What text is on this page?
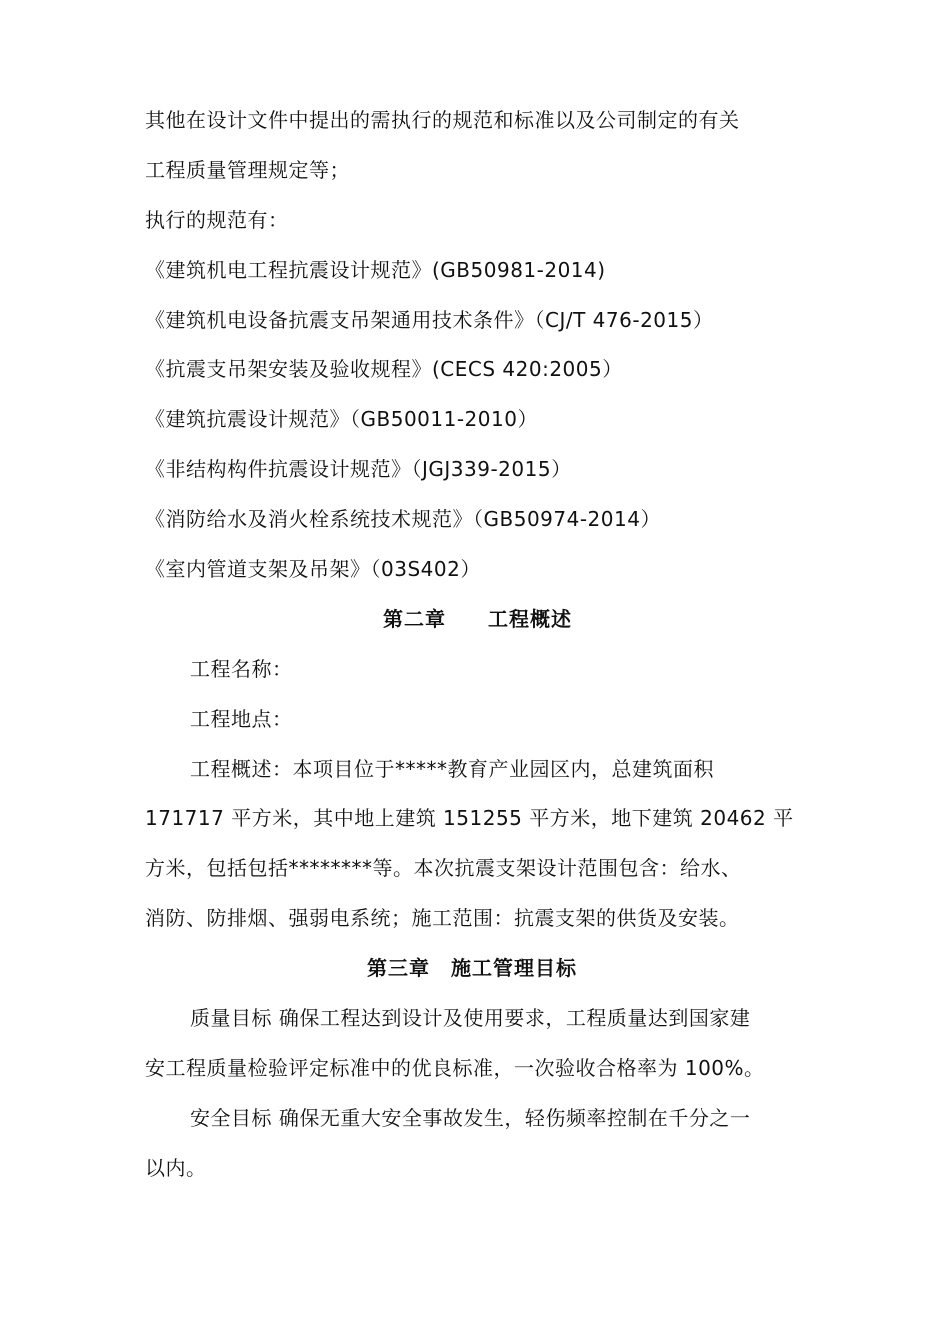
其他在设计文件中提出的需执行的规范和标准以及公司制定的有关
工程质量管理规定等；
执行的规范有：
《建筑机电工程抗震设计规范》(GB50981-2014)
《建筑机电设备抗震支吊架通用技术条件》（CJ/T 476-2015）
《抗震支吊架安装及验收规程》(CECS 420:2005）
《建筑抗震设计规范》（GB50011-2010）
《非结构构件抗震设计规范》（JGJ339-2015）
《消防给水及消火栓系统技术规范》（GB50974-2014）
《室内管道支架及吊架》（03S402）
第二章　　工程概述
工程名称：
工程地点：
工程概述：本项目位于*****教育产业园区内，总建筑面积
171717 平方米，其中地上建筑 151255 平方米，地下建筑 20462 平
方米，包括包括********等。本次抗震支架设计范围包含：给水、
消防、防排烟、强弱电系统；施工范围：抗震支架的供货及安装。
第三章　施工管理目标
质量目标 确保工程达到设计及使用要求，工程质量达到国家建
安工程质量检验评定标准中的优良标准，一次验收合格率为 100%。
安全目标 确保无重大安全事故发生，轻伤频率控制在千分之一
以内。
